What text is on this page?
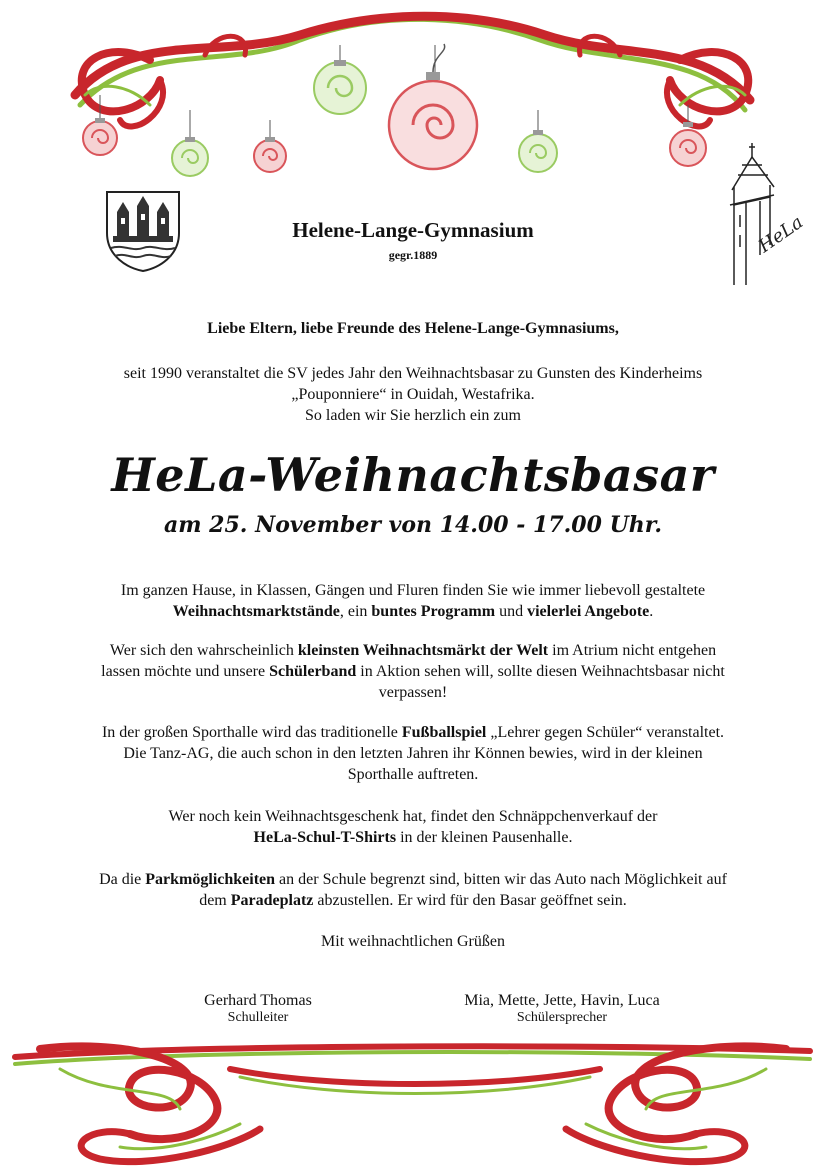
HeLa
Helene-Lange-Gymnasium
gegr.1889
Liebe Eltern, liebe Freunde des Helene-Lange-Gymnasiums,
seit 1990 veranstaltet die SV jedes Jahr den Weihnachtsbasar zu Gunsten des Kinderheims
„Pouponniere“ in Ouidah, Westafrika.
So laden wir Sie herzlich ein zum
HeLa-Weihnachtsbasar
am 25. November von 14.00 - 17.00 Uhr.
Im ganzen Hause, in Klassen, Gängen und Fluren finden Sie wie immer liebevoll gestaltete
Weihnachtsmarktstände, ein buntes Programm und vielerlei Angebote.
Wer sich den wahrscheinlich kleinsten Weihnachtsmärkt der Welt im Atrium nicht entgehen
lassen möchte und unsere Schülerband in Aktion sehen will, sollte diesen Weihnachtsbasar nicht
verpassen!
In der großen Sporthalle wird das traditionelle Fußballspiel „Lehrer gegen Schüler“ veranstaltet.
Die Tanz-AG, die auch schon in den letzten Jahren ihr Können bewies, wird in der kleinen
Sporthalle auftreten.
Wer noch kein Weihnachtsgeschenk hat, findet den Schnäppchenverkauf der
HeLa-Schul-T-Shirts in der kleinen Pausenhalle.
Da die Parkmöglichkeiten an der Schule begrenzt sind, bitten wir das Auto nach Möglichkeit auf
dem Paradeplatz abzustellen. Er wird für den Basar geöffnet sein.
Mit weihnachtlichen Grüßen
Gerhard Thomas
Schulleiter
Mia, Mette, Jette, Havin, Luca
Schülersprecher
